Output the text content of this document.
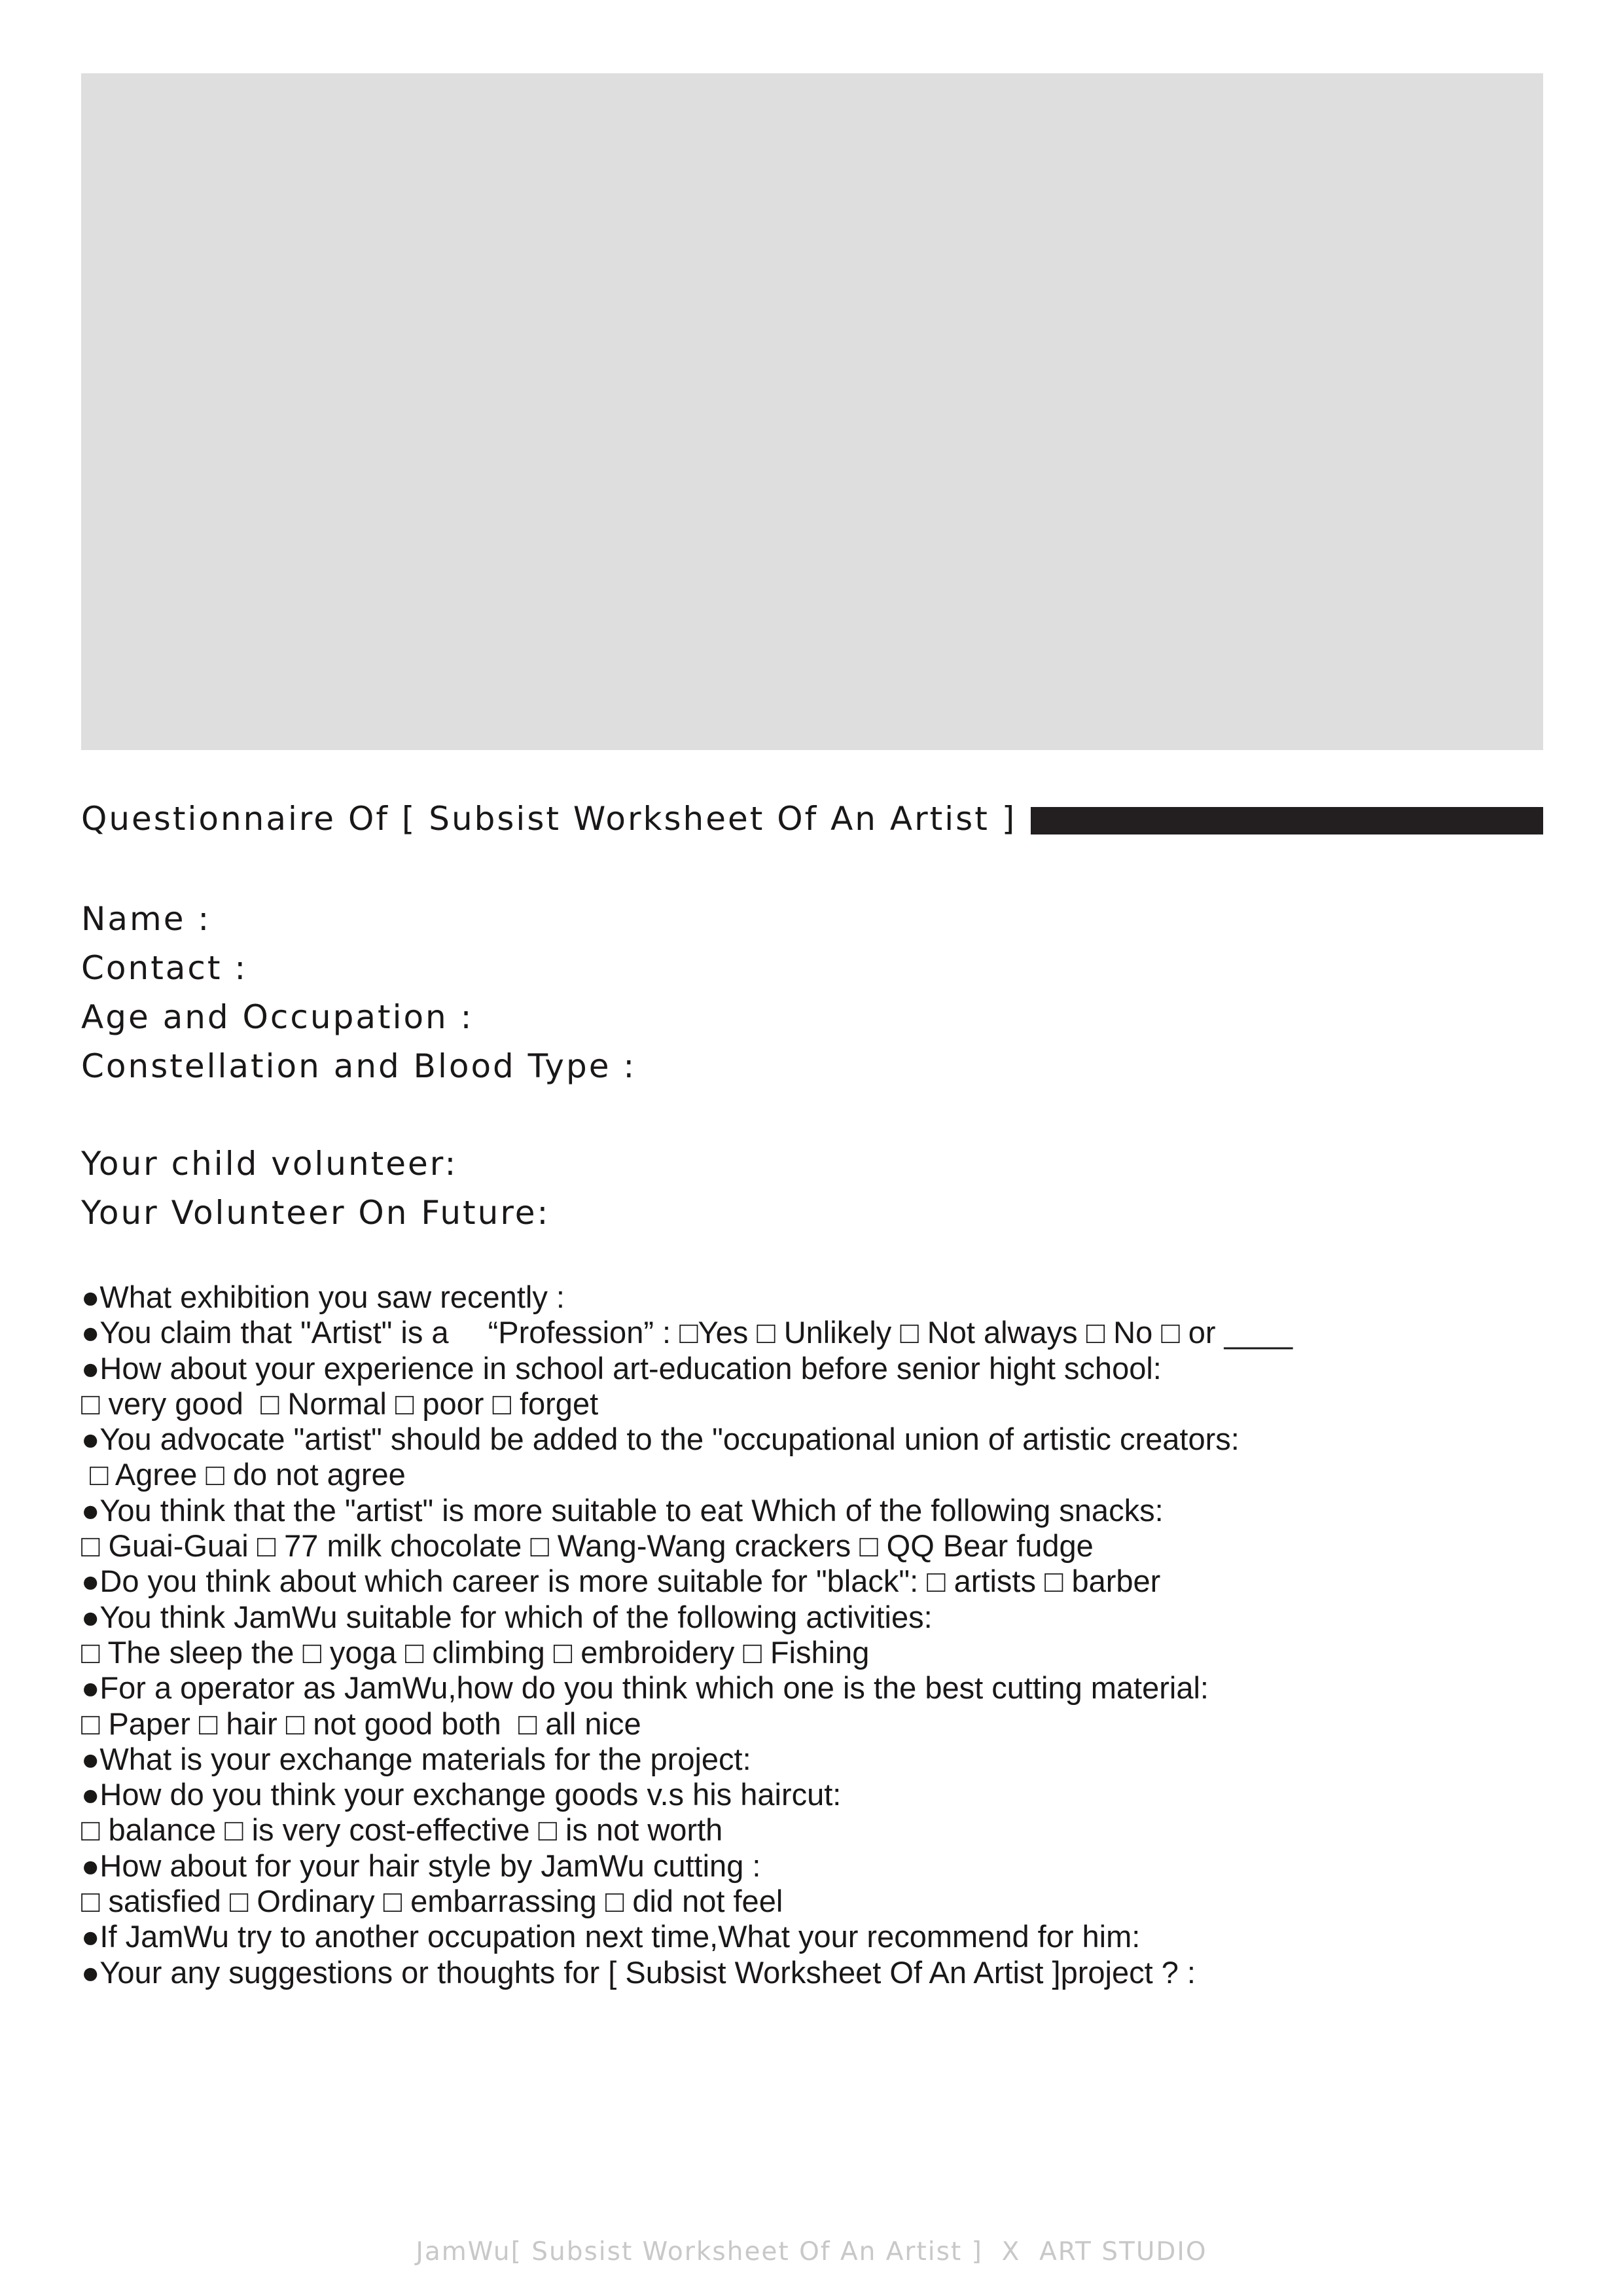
Questionnaire Of [ Subsist Worksheet Of An Artist ]
Name :
Contact :
Age and Occupation :
Constellation and Blood Type :
Your child volunteer:
Your Volunteer On Future:
●What exhibition you saw recently :
●You claim that "Artist" is a 　“Profession” : □Yes □ Unlikely □ Not always □ No □ or ____
●How about your experience in school art-education before senior hight school:
□ very good  □ Normal □ poor □ forget
●You advocate "artist" should be added to the "occupational union of artistic creators:
□ Agree □ do not agree
●You think that the "artist" is more suitable to eat Which of the following snacks:
□ Guai-Guai □ 77 milk chocolate □ Wang-Wang crackers □ QQ Bear fudge
●Do you think about which career is more suitable for "black": □ artists □ barber
●You think JamWu suitable for which of the following activities:
□ The sleep the □ yoga □ climbing □ embroidery □ Fishing
●For a operator as JamWu,how do you think which one is the best cutting material:
□ Paper □ hair □ not good both  □ all nice
●What is your exchange materials for the project:
●How do you think your exchange goods v.s his haircut:
□ balance □ is very cost-effective □ is not worth
●How about for your hair style by JamWu cutting :
□ satisfied □ Ordinary □ embarrassing □ did not feel
●If JamWu try to another occupation next time,What your recommend for him:
●Your any suggestions or thoughts for [ Subsist Worksheet Of An Artist ]project ? :
JamWu[ Subsist Worksheet Of An Artist ]  X  ART STUDIO
